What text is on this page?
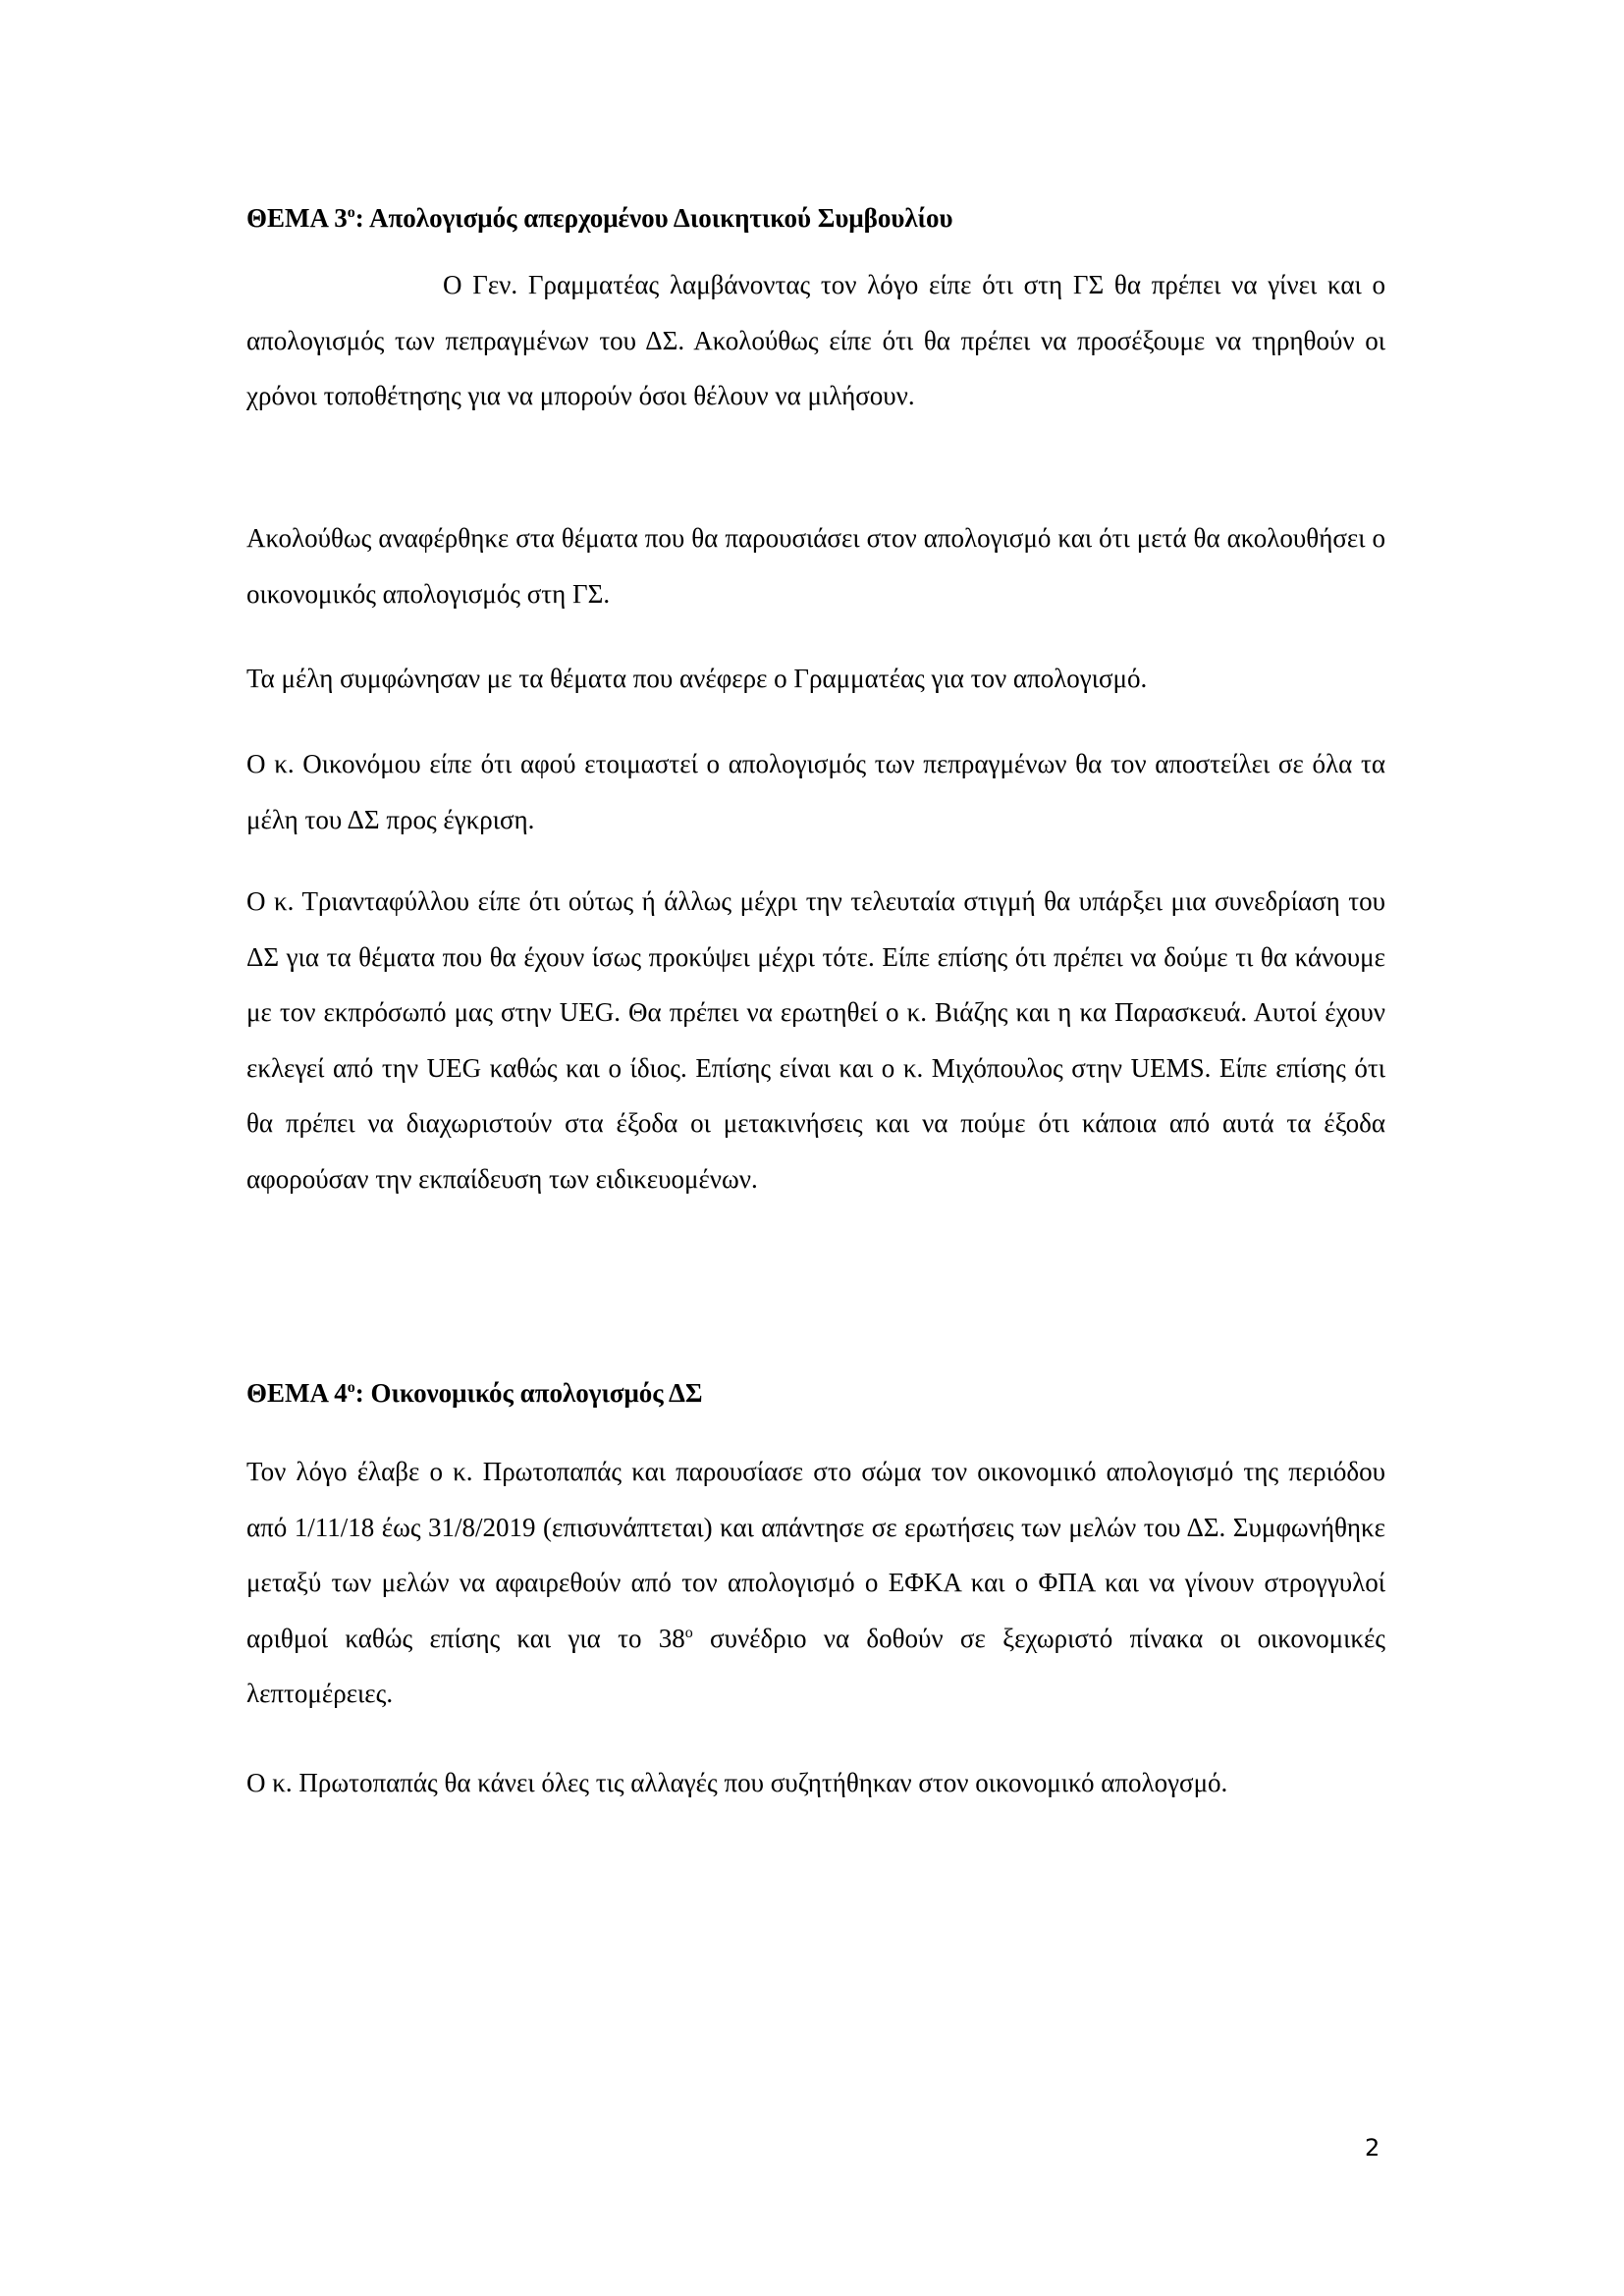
ΘΕΜΑ $3^o$: Απολογισμός απερχομένου Διοικητικού Συμβουλίου

Ο Γεν. Γραμματέας λαμβάνοντας τον λόγο είπε ότι στη ΓΣ θα πρέπει να γίνει και ο απολογισμός των πεπραγμένων του ΔΣ. Ακολούθως είπε ότι θα πρέπει να προσέξουμε να τηρηθούν οι χρόνοι τοποθέτησης για να μπορούν όσοι θέλουν να μιλήσουν.

Ακολούθως αναφέρθηκε στα θέματα που θα παρουσιάσει στον απολογισμό και ότι μετά θα ακολουθήσει ο οικονομικός απολογισμός στη ΓΣ.

Τα μέλη συμφώνησαν με τα θέματα που ανέφερε ο Γραμματέας για τον απολογισμό.

Ο κ. Οικονόμου είπε ότι αφού ετοιμαστεί ο απολογισμός των πεπραγμένων θα τον αποστείλει σε όλα τα μέλη του ΔΣ προς έγκριση.

Ο κ. Τριανταφύλλου είπε ότι ούτως ή άλλως μέχρι την τελευταία στιγμή θα υπάρξει μια συνεδρίαση του ΔΣ για τα θέματα που θα έχουν ίσως προκύψει μέχρι τότε. Είπε επίσης ότι πρέπει να δούμε τι θα κάνουμε με τον εκπρόσωπό μας στην UEG. Θα πρέπει να ερωτηθεί ο κ. Βιάζης και η κα Παρασκευά. Αυτοί έχουν εκλεγεί από την UEG καθώς και ο ίδιος. Επίσης είναι και ο κ. Μιχόπουλος στην UEMS. Είπε επίσης ότι θα πρέπει να διαχωριστούν στα έξοδα οι μετακινήσεις και να πούμε ότι κάποια από αυτά τα έξοδα αφορούσαν την εκπαίδευση των ειδικευομένων.

ΘΕΜΑ $4^o$: Οικονομικός απολογισμός ΔΣ

Τον λόγο έλαβε ο κ. Πρωτοπαπάς και παρουσίασε στο σώμα τον οικονομικό απολογισμό της περιόδου από 1/11/18 έως 31/8/2019 (επισυνάπτεται) και απάντησε σε ερωτήσεις των μελών του ΔΣ. Συμφωνήθηκε μεταξύ των μελών να αφαιρεθούν από τον απολογισμό ο ΕΦΚΑ και ο ΦΠΑ και να γίνουν στρογγυλοί αριθμοί καθώς επίσης και για το $38^o$ συνέδριο να δοθούν σε ξεχωριστό πίνακα οι οικονομικές λεπτομέρειες.

Ο κ. Πρωτοπαπάς θα κάνει όλες τις αλλαγές που συζητήθηκαν στον οικονομικό απολογσμό.

2
